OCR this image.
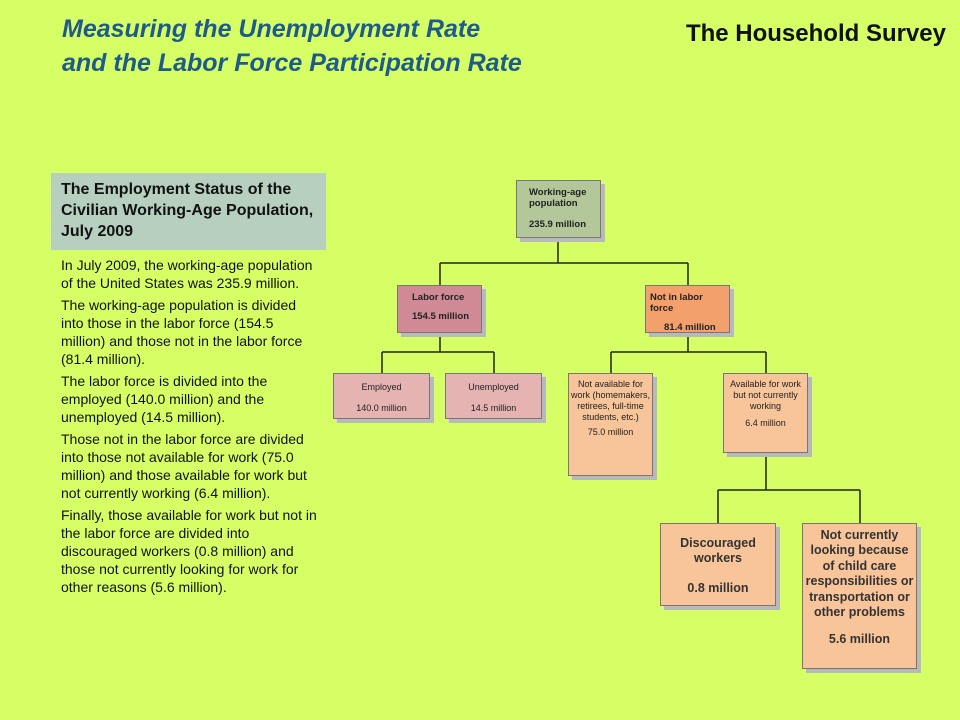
Measuring the Unemployment Rate
and the Labor Force Participation Rate
The Household Survey
The Employment Status of the Civilian Working-Age Population, July 2009

In July 2009, the working-age population of the United States was 235.9 million.

The working-age population is divided into those in the labor force (154.5 million) and those not in the labor force (81.4 million).

The labor force is divided into the employed (140.0 million) and the unemployed (14.5 million).

Those not in the labor force are divided into those not available for work (75.0 million) and those available for work but not currently working (6.4 million).

Finally, those available for work but not in the labor force are divided into discouraged workers (0.8 million) and those not currently looking for work for other reasons (5.6 million).

Working-age population
235.9 million
Labor force
154.5 million
Not in labor force
81.4 million
Employed
140.0 million
Unemployed
14.5 million
Not available for work (homemakers, retirees, full-time students, etc.)
75.0 million
Available for work but not currently working
6.4 million
Discouraged workers
0.8 million
Not currently looking because of child care responsibilities or transportation or other problems
5.6 million
